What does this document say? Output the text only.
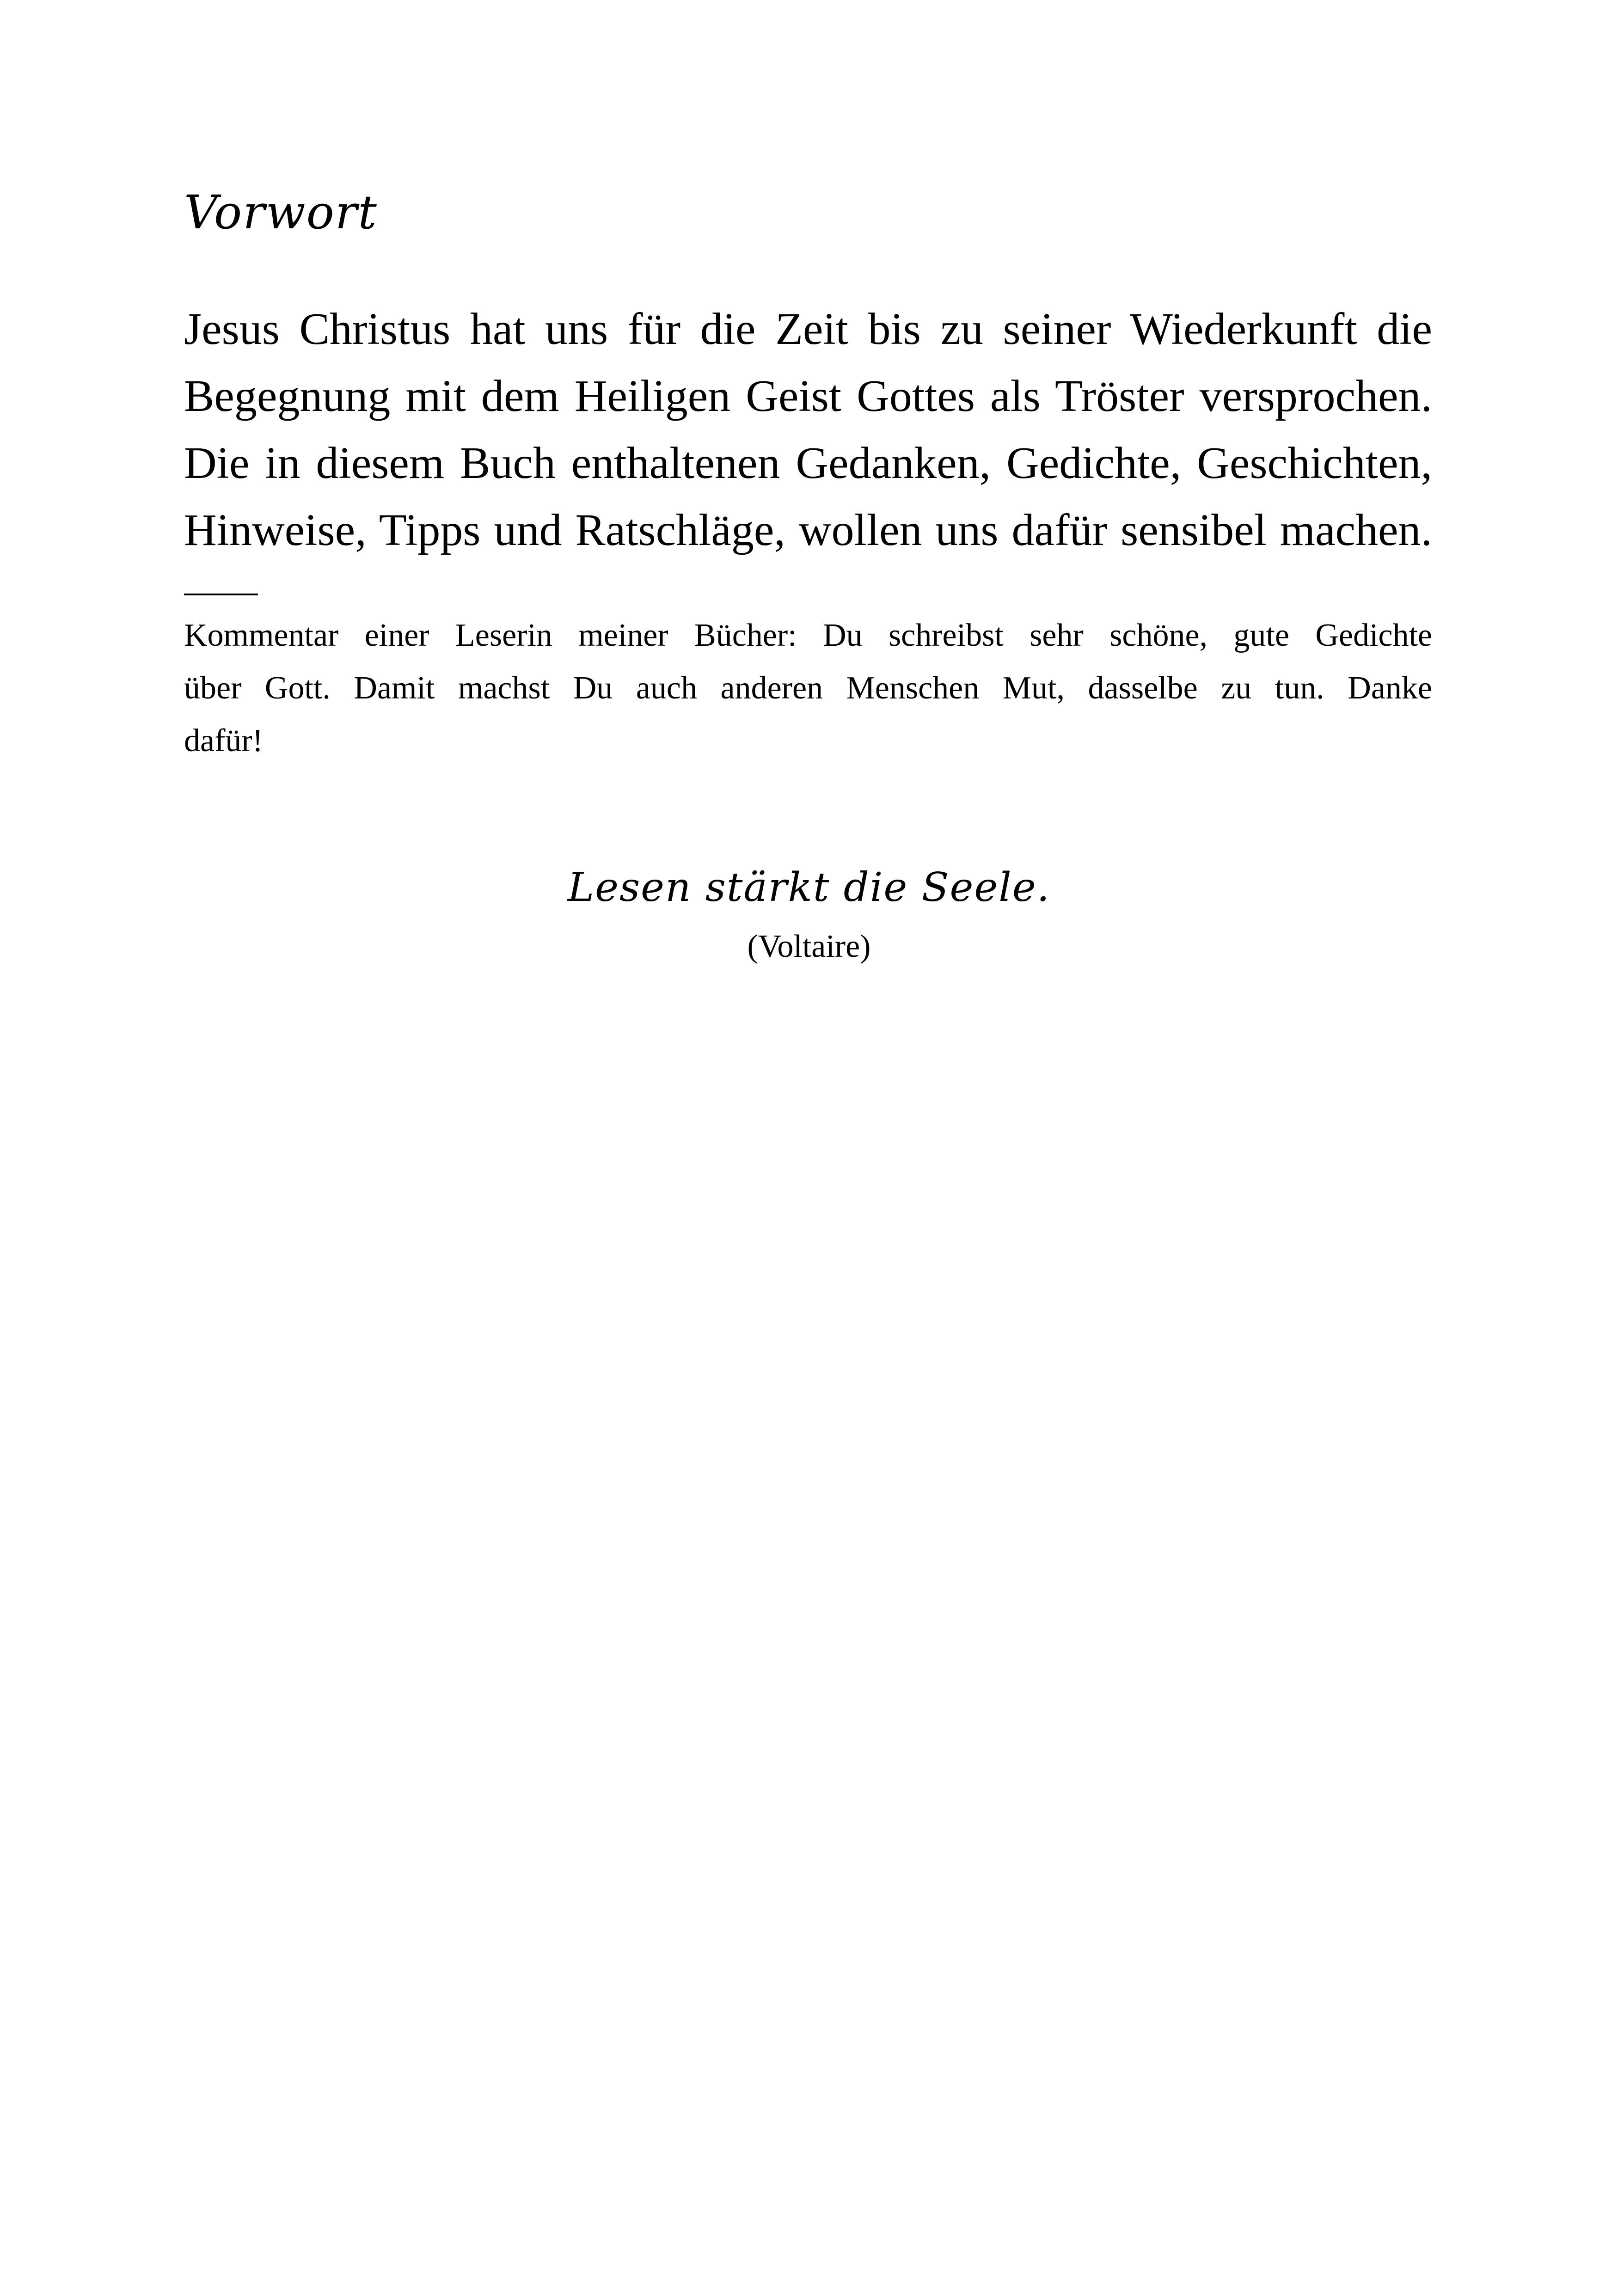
Vorwort
Jesus Christus hat uns für die Zeit bis zu seiner Wiederkunft die
Begegnung mit dem Heiligen Geist Gottes als Tröster versprochen.
Die in diesem Buch enthaltenen Gedanken, Gedichte, Geschichten,
Hinweise, Tipps und Ratschläge, wollen uns dafür sensibel machen.
Kommentar einer Leserin meiner Bücher: Du schreibst sehr schöne, gute Gedichte
über Gott. Damit machst Du auch anderen Menschen Mut, dasselbe zu tun. Danke
dafür!

Lesen stärkt die Seele.

(Voltaire)
